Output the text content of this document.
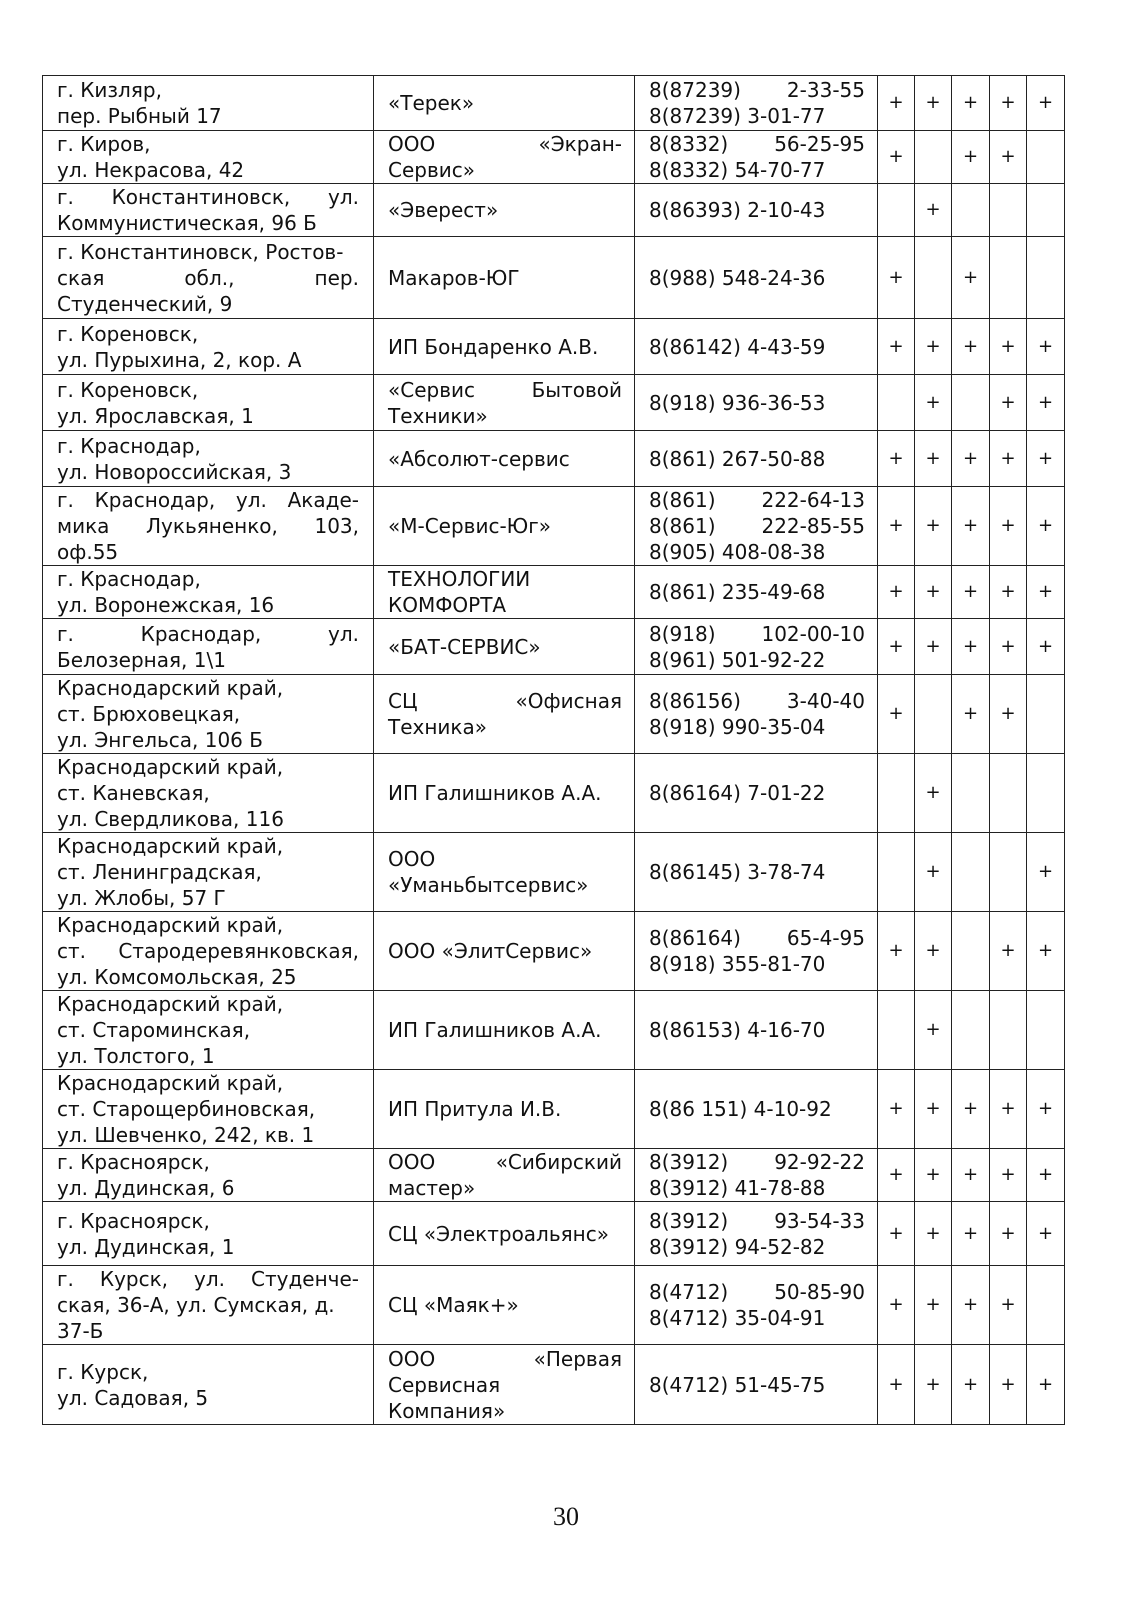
г. Кизляр,
пер. Рыбный 17	«Терек»	8(87239) 2-33-55
8(87239) 3-01-77	+	+	+	+	+

г. Киров,
ул. Некрасова, 42	ООО «Экран-
Сервис»	8(8332) 56-25-95
8(8332) 54-70-77	+		+	+	

г. Константиновск, ул.
Коммунистическая, 96 Б	«Эверест»	8(86393) 2-10-43		+			

г. Константиновск, Ростов-
ская обл., пер.
Студенческий, 9	Макаров-ЮГ	8(988) 548-24-36	+		+		

г. Кореновск,
ул. Пурыхина, 2, кор. А	ИП Бондаренко А.В.	8(86142) 4-43-59	+	+	+	+	+

г. Кореновск,
ул. Ярославская, 1	«Сервис Бытовой
Техники»	8(918) 936-36-53		+		+	+

г. Краснодар,
ул. Новороссийская, 3	«Абсолют-сервис	8(861) 267-50-88	+	+	+	+	+

г. Краснодар, ул. Акаде-
мика Лукьяненко, 103,
оф.55	«М-Сервис-Юг»	8(861) 222-64-13
8(861) 222-85-55
8(905) 408-08-38	+	+	+	+	+

г. Краснодар,
ул. Воронежская, 16	ТЕХНОЛОГИИ
КОМФОРТА	8(861) 235-49-68	+	+	+	+	+

г. Краснодар, ул.
Белозерная, 1\1	«БАТ-СЕРВИС»	8(918) 102-00-10
8(961) 501-92-22	+	+	+	+	+

Краснодарский край,
ст. Брюховецкая,
ул. Энгельса, 106 Б	СЦ «Офисная
Техника»	8(86156) 3-40-40
8(918) 990-35-04	+		+	+	

Краснодарский край,
ст. Каневская,
ул. Свердликова, 116	ИП Галишников А.А.	8(86164) 7-01-22		+			

Краснодарский край,
ст. Ленинградская,
ул. Жлобы, 57 Г	ООО
«Уманьбытсервис»	8(86145) 3-78-74		+			+

Краснодарский край,
ст. Стародеревянковская,
ул. Комсомольская, 25	ООО «ЭлитСервис»	8(86164) 65-4-95
8(918) 355-81-70	+	+		+	+

Краснодарский край,
ст. Староминская,
ул. Толстого, 1	ИП Галишников А.А.	8(86153) 4-16-70		+			

Краснодарский край,
ст. Старощербиновская,
ул. Шевченко, 242, кв. 1	ИП Притула И.В.	8(86 151) 4-10-92	+	+	+	+	+

г. Красноярск,
ул. Дудинская, 6	ООО «Сибирский
мастер»	8(3912) 92-92-22
8(3912) 41-78-88	+	+	+	+	+

г. Красноярск,
ул. Дудинская, 1	СЦ «Электроальянс»	8(3912) 93-54-33
8(3912) 94-52-82	+	+	+	+	+

г. Курск, ул. Студенче-
ская, 36-А, ул. Сумская, д.
37-Б	СЦ «Маяк+»	8(4712) 50-85-90
8(4712) 35-04-91	+	+	+	+	

г. Курск,
ул. Садовая, 5	ООО «Первая
Сервисная
Компания»	8(4712) 51-45-75	+	+	+	+	+
30
